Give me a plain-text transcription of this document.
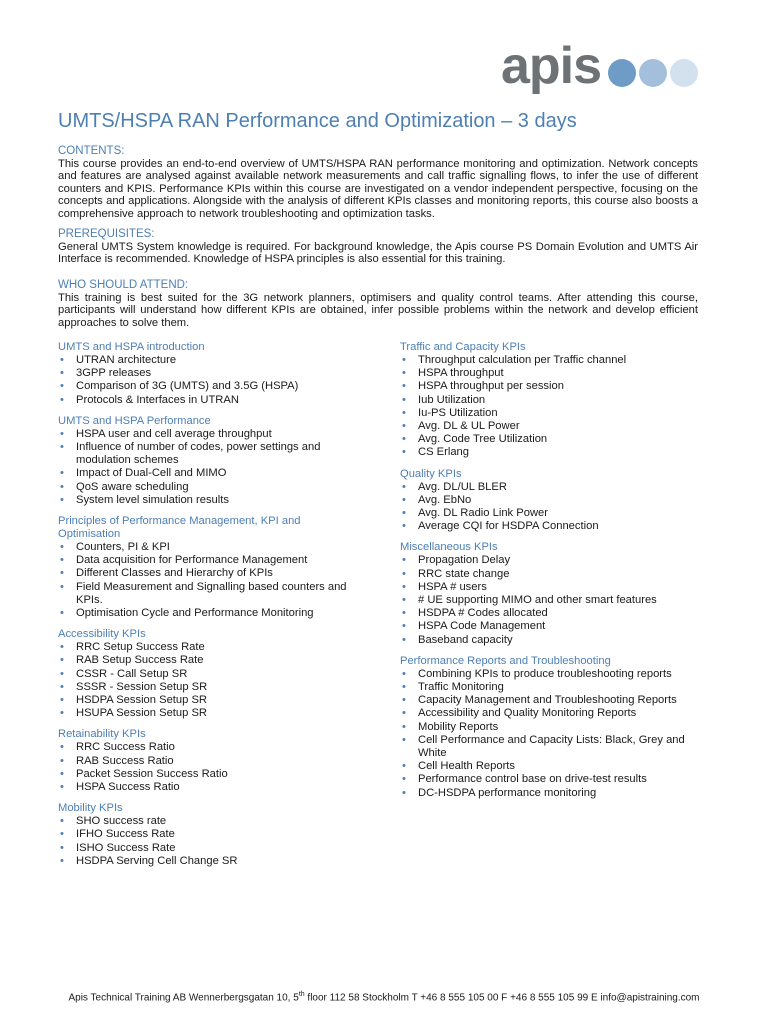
apis
UMTS/HSPA RAN Performance and Optimization – 3 days
CONTENTS:

This course provides an end-to-end overview of UMTS/HSPA RAN performance monitoring and optimization. Network concepts and features are analysed against available network measurements and call traffic signalling flows, to infer the use of different counters and KPIS. Performance KPIs within this course are investigated on a vendor independent perspective, focusing on the concepts and applications. Alongside with the analysis of different KPIs classes and monitoring reports, this course also boosts a comprehensive approach to network troubleshooting and optimization tasks.

PREREQUISITES:

General UMTS System knowledge is required. For background knowledge, the Apis course PS Domain Evolution and UMTS Air Interface is recommended. Knowledge of HSPA principles is also essential for this training.

WHO SHOULD ATTEND:

This training is best suited for the 3G network planners, optimisers and quality control teams. After attending this course, participants will understand how different KPIs are obtained, infer possible problems within the network and develop efficient approaches to solve them.

UMTS and HSPA introduction
• UTRAN architecture
• 3GPP releases
• Comparison of 3G (UMTS) and 3.5G (HSPA)
• Protocols & Interfaces in UTRAN
UMTS and HSPA Performance
• HSPA user and cell average throughput
• Influence of number of codes, power settings and modulation schemes
• Impact of Dual-Cell and MIMO
• QoS aware scheduling
• System level simulation results
Principles of Performance Management, KPI and Optimisation
• Counters, PI & KPI
• Data acquisition for Performance Management
• Different Classes and Hierarchy of KPIs
• Field Measurement and Signalling based counters and KPIs.
• Optimisation Cycle and Performance Monitoring
Accessibility KPIs
• RRC Setup Success Rate
• RAB Setup Success Rate
• CSSR - Call Setup SR
• SSSR - Session Setup SR
• HSDPA Session Setup SR
• HSUPA Session Setup SR
Retainability KPIs
• RRC Success Ratio
• RAB Success Ratio
• Packet Session Success Ratio
• HSPA Success Ratio
Mobility KPIs
• SHO success rate
• IFHO Success Rate
• ISHO Success Rate
• HSDPA Serving Cell Change SR
Traffic and Capacity KPIs
• Throughput calculation per Traffic channel
• HSPA throughput
• HSPA throughput per session
• Iub Utilization
• Iu-PS Utilization
• Avg. DL & UL Power
• Avg. Code Tree Utilization
• CS Erlang
Quality KPIs
• Avg. DL/UL BLER
• Avg. EbNo
• Avg. DL Radio Link Power
• Average CQI for HSDPA Connection
Miscellaneous KPIs
• Propagation Delay
• RRC state change
• HSPA # users
• # UE supporting MIMO and other smart features
• HSDPA # Codes allocated
• HSPA Code Management
• Baseband capacity
Performance Reports and Troubleshooting
• Combining KPIs to produce troubleshooting reports
• Traffic Monitoring
• Capacity Management and Troubleshooting Reports
• Accessibility and Quality Monitoring Reports
• Mobility Reports
• Cell Performance and Capacity Lists: Black, Grey and White
• Cell Health Reports
• Performance control base on drive-test results
• DC-HSDPA performance monitoring
Apis Technical Training AB Wennerbergsgatan 10, 5th floor 112 58 Stockholm T +46 8 555 105 00 F +46 8 555 105 99 E info@apistraining.com
